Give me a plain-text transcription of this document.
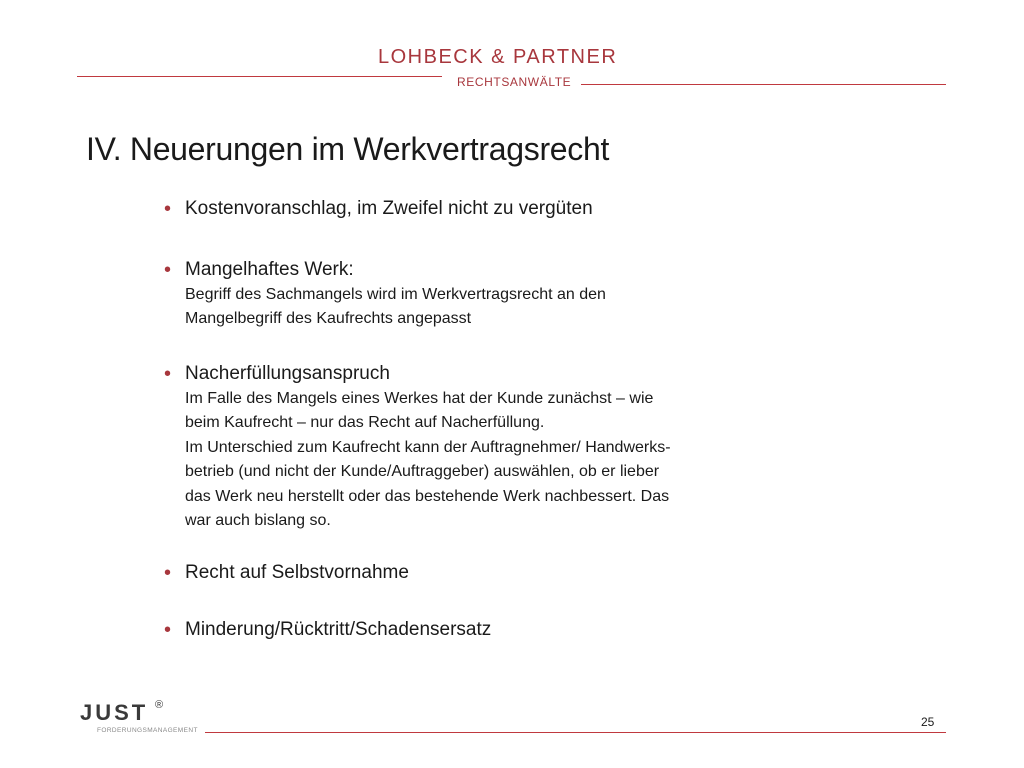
LOHBECK & PARTNER
RECHTSANWÄLTE
IV. Neuerungen im Werkvertragsrecht
• Kostenvoranschlag, im Zweifel nicht zu vergüten
• Mangelhaftes Werk:
Begriff des Sachmangels wird im Werkvertragsrecht an den
Mangelbegriff des Kaufrechts angepasst
• Nacherfüllungsanspruch
Im Falle des Mangels eines Werkes hat der Kunde zunächst – wie
beim Kaufrecht – nur das Recht auf Nacherfüllung.
Im Unterschied zum Kaufrecht kann der Auftragnehmer/ Handwerks-
betrieb (und nicht der Kunde/Auftraggeber) auswählen, ob er lieber
das Werk neu herstellt oder das bestehende Werk nachbessert. Das
war auch bislang so.
• Recht auf Selbstvornahme
• Minderung/Rücktritt/Schadensersatz
JUST ®
FORDERUNGSMANAGEMENT
25
